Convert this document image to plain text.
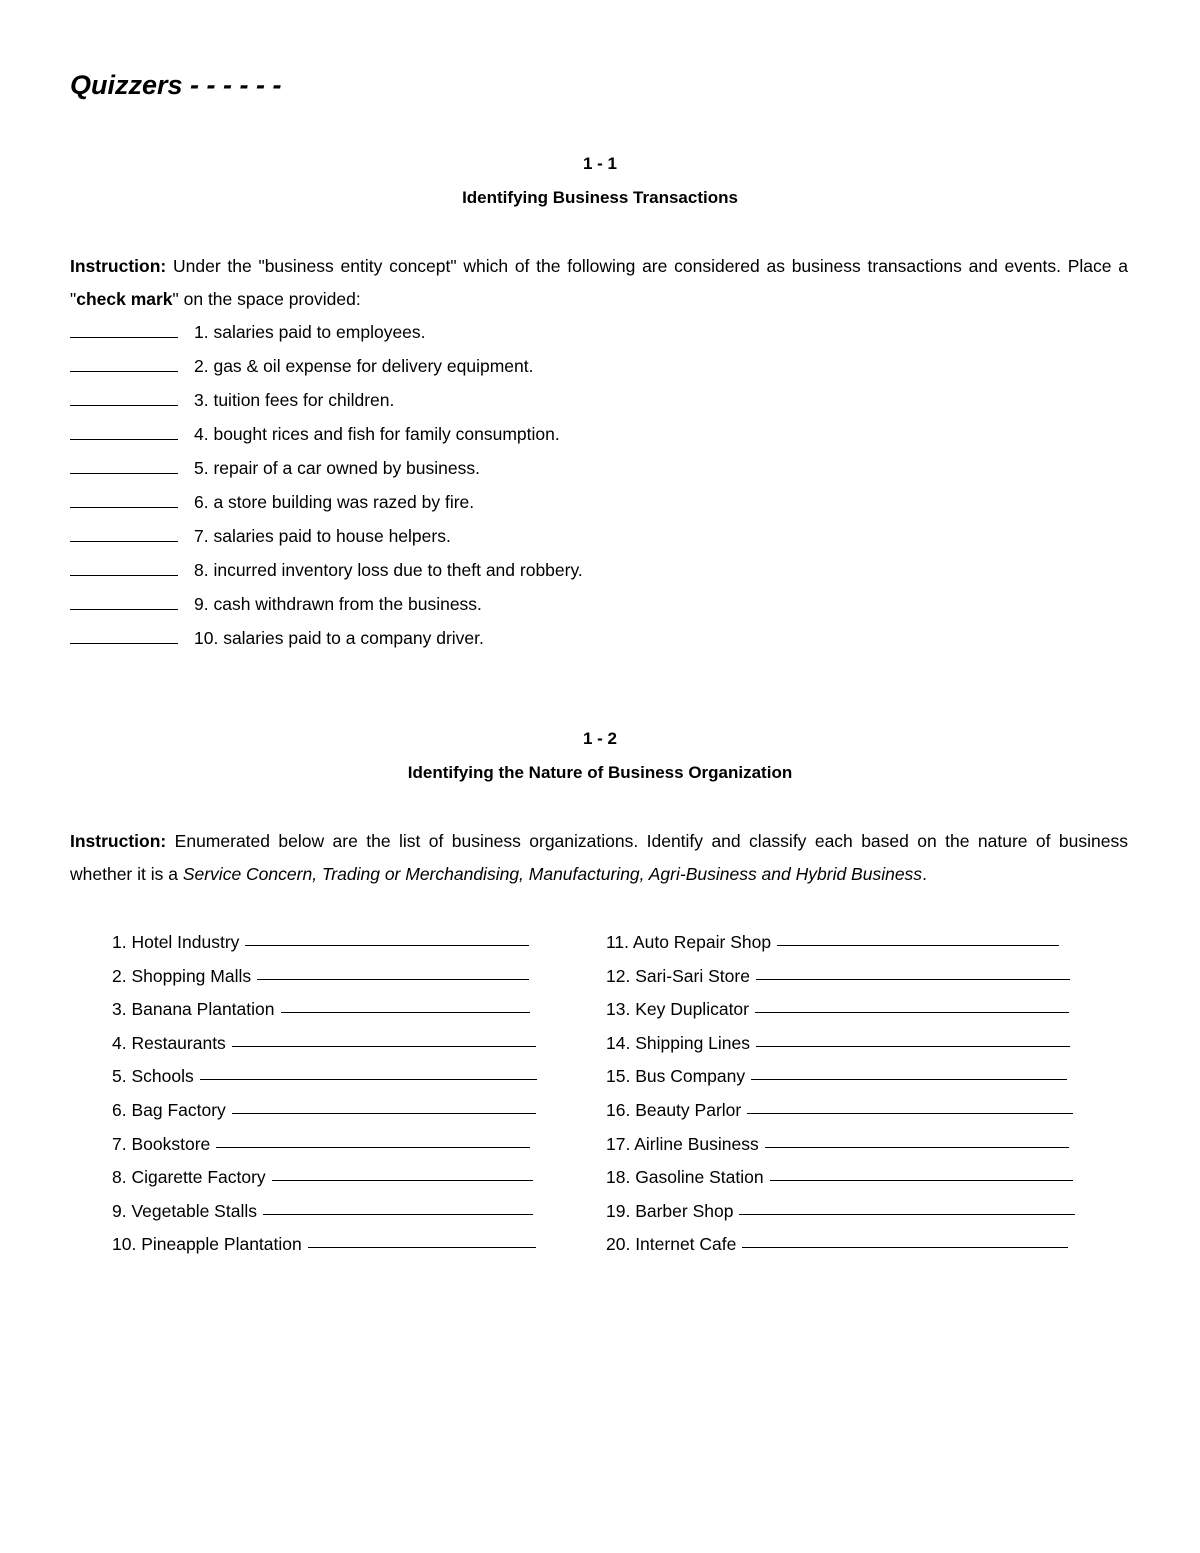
Quizzers - - - - - -

1 - 1

Identifying Business Transactions

Instruction: Under the "business entity concept" which of the following are considered as business transactions and events. Place a "check mark" on the space provided:

1. salaries paid to employees.
2. gas & oil expense for delivery equipment.
3. tuition fees for children.
4. bought rices and fish for family consumption.
5. repair of a car owned by business.
6. a store building was razed by fire.
7. salaries paid to house helpers.
8. incurred inventory loss due to theft and robbery.
9. cash withdrawn from the business.
10. salaries paid to a company driver.

1 - 2

Identifying the Nature of Business Organization

Instruction: Enumerated below are the list of business organizations. Identify and classify each based on the nature of business whether it is a Service Concern, Trading or Merchandising, Manufacturing, Agri-Business and Hybrid Business.

1. Hotel Industry
2. Shopping Malls
3. Banana Plantation
4. Restaurants
5. Schools
6. Bag Factory
7. Bookstore
8. Cigarette Factory
9. Vegetable Stalls
10. Pineapple Plantation
11. Auto Repair Shop
12. Sari-Sari Store
13. Key Duplicator
14. Shipping Lines
15. Bus Company
16. Beauty Parlor
17. Airline Business
18. Gasoline Station
19. Barber Shop
20. Internet Cafe
